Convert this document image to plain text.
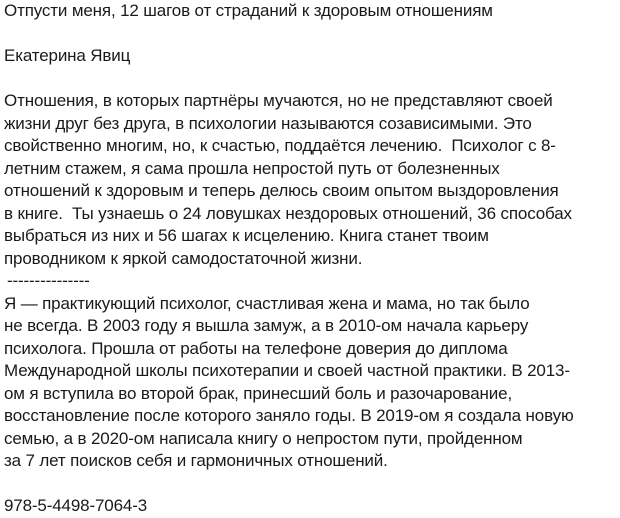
Отпусти меня, 12 шагов от страданий к здоровым отношениям
Екатерина Явиц
Отношения, в которых партнёры мучаются, но не представляют своей
жизни друг без друга, в психологии называются созависимыми. Это
свойственно многим, но, к счастью, поддаётся лечению.  Психолог с 8-
летним стажем, я сама прошла непростой путь от болезненных
отношений к здоровым и теперь делюсь своим опытом выздоровления
в книге.  Ты узнаешь о 24 ловушках нездоровых отношений, 36 способах
выбраться из них и 56 шагах к исцелению. Книга станет твоим
проводником к яркой самодостаточной жизни.
---------------
Я — практикующий психолог, счастливая жена и мама, но так было
не всегда. В 2003 году я вышла замуж, а в 2010-ом начала карьеру
психолога. Прошла от работы на телефоне доверия до диплома
Международной школы психотерапии и своей частной практики. В 2013-
ом я вступила во второй брак, принесший боль и разочарование,
восстановление после которого заняло годы. В 2019-ом я создала новую
семью, а в 2020-ом написала книгу о непростом пути, пройденном
за 7 лет поисков себя и гармоничных отношений.
978-5-4498-7064-3
